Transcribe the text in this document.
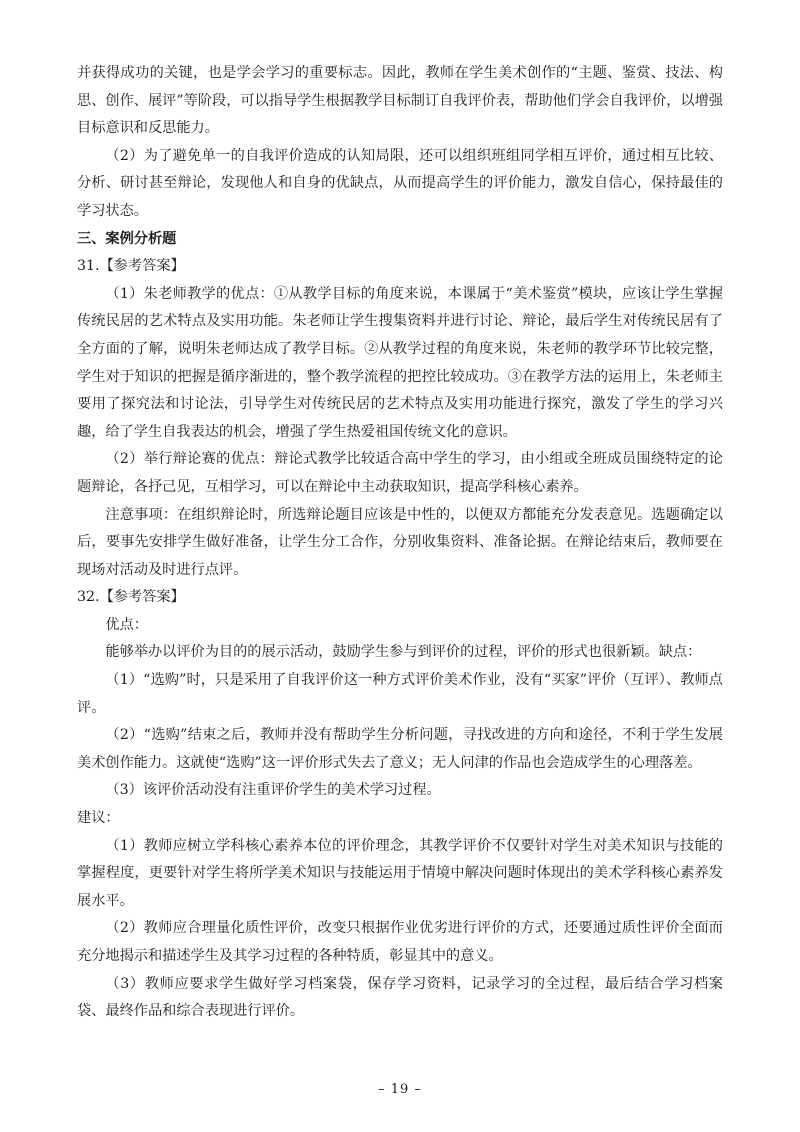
并获得成功的关键，也是学会学习的重要标志。因此，教师在学生美术创作的“主题、鉴赏、技法、构思、创作、展评”等阶段，可以指导学生根据教学目标制订自我评价表，帮助他们学会自我评价，以增强目标意识和反思能力。

（2）为了避免单一的自我评价造成的认知局限，还可以组织班组同学相互评价，通过相互比较、分析、研讨甚至辩论，发现他人和自身的优缺点，从而提高学生的评价能力，激发自信心，保持最佳的学习状态。

三、案例分析题

31.【参考答案】

（1）朱老师教学的优点：①从教学目标的角度来说，本课属于“美术鉴赏”模块，应该让学生掌握传统民居的艺术特点及实用功能。朱老师让学生搜集资料并进行讨论、辩论，最后学生对传统民居有了全方面的了解，说明朱老师达成了教学目标。②从教学过程的角度来说，朱老师的教学环节比较完整，学生对于知识的把握是循序渐进的，整个教学流程的把控比较成功。③在教学方法的运用上，朱老师主要用了探究法和讨论法，引导学生对传统民居的艺术特点及实用功能进行探究，激发了学生的学习兴趣，给了学生自我表达的机会，增强了学生热爱祖国传统文化的意识。

（2）举行辩论赛的优点：辩论式教学比较适合高中学生的学习，由小组或全班成员围绕特定的论题辩论，各抒己见，互相学习，可以在辩论中主动获取知识，提高学科核心素养。

注意事项：在组织辩论时，所选辩论题目应该是中性的，以便双方都能充分发表意见。选题确定以后，要事先安排学生做好准备，让学生分工合作，分别收集资料、准备论据。在辩论结束后，教师要在现场对活动及时进行点评。

32.【参考答案】

优点：

能够举办以评价为目的的展示活动，鼓励学生参与到评价的过程，评价的形式也很新颖。缺点：

（1）“选购”时，只是采用了自我评价这一种方式评价美术作业，没有“买家”评价（互评）、教师点评。

（2）“选购”结束之后，教师并没有帮助学生分析问题，寻找改进的方向和途径，不利于学生发展美术创作能力。这就使“选购”这一评价形式失去了意义；无人问津的作品也会造成学生的心理落差。

（3）该评价活动没有注重评价学生的美术学习过程。

建议：

（1）教师应树立学科核心素养本位的评价理念，其教学评价不仅要针对学生对美术知识与技能的掌握程度，更要针对学生将所学美术知识与技能运用于情境中解决问题时体现出的美术学科核心素养发展水平。

（2）教师应合理量化质性评价，改变只根据作业优劣进行评价的方式，还要通过质性评价全面而充分地揭示和描述学生及其学习过程的各种特质，彰显其中的意义。

（3）教师应要求学生做好学习档案袋，保存学习资料，记录学习的全过程，最后结合学习档案袋、最终作品和综合表现进行评价。

– 19 –
